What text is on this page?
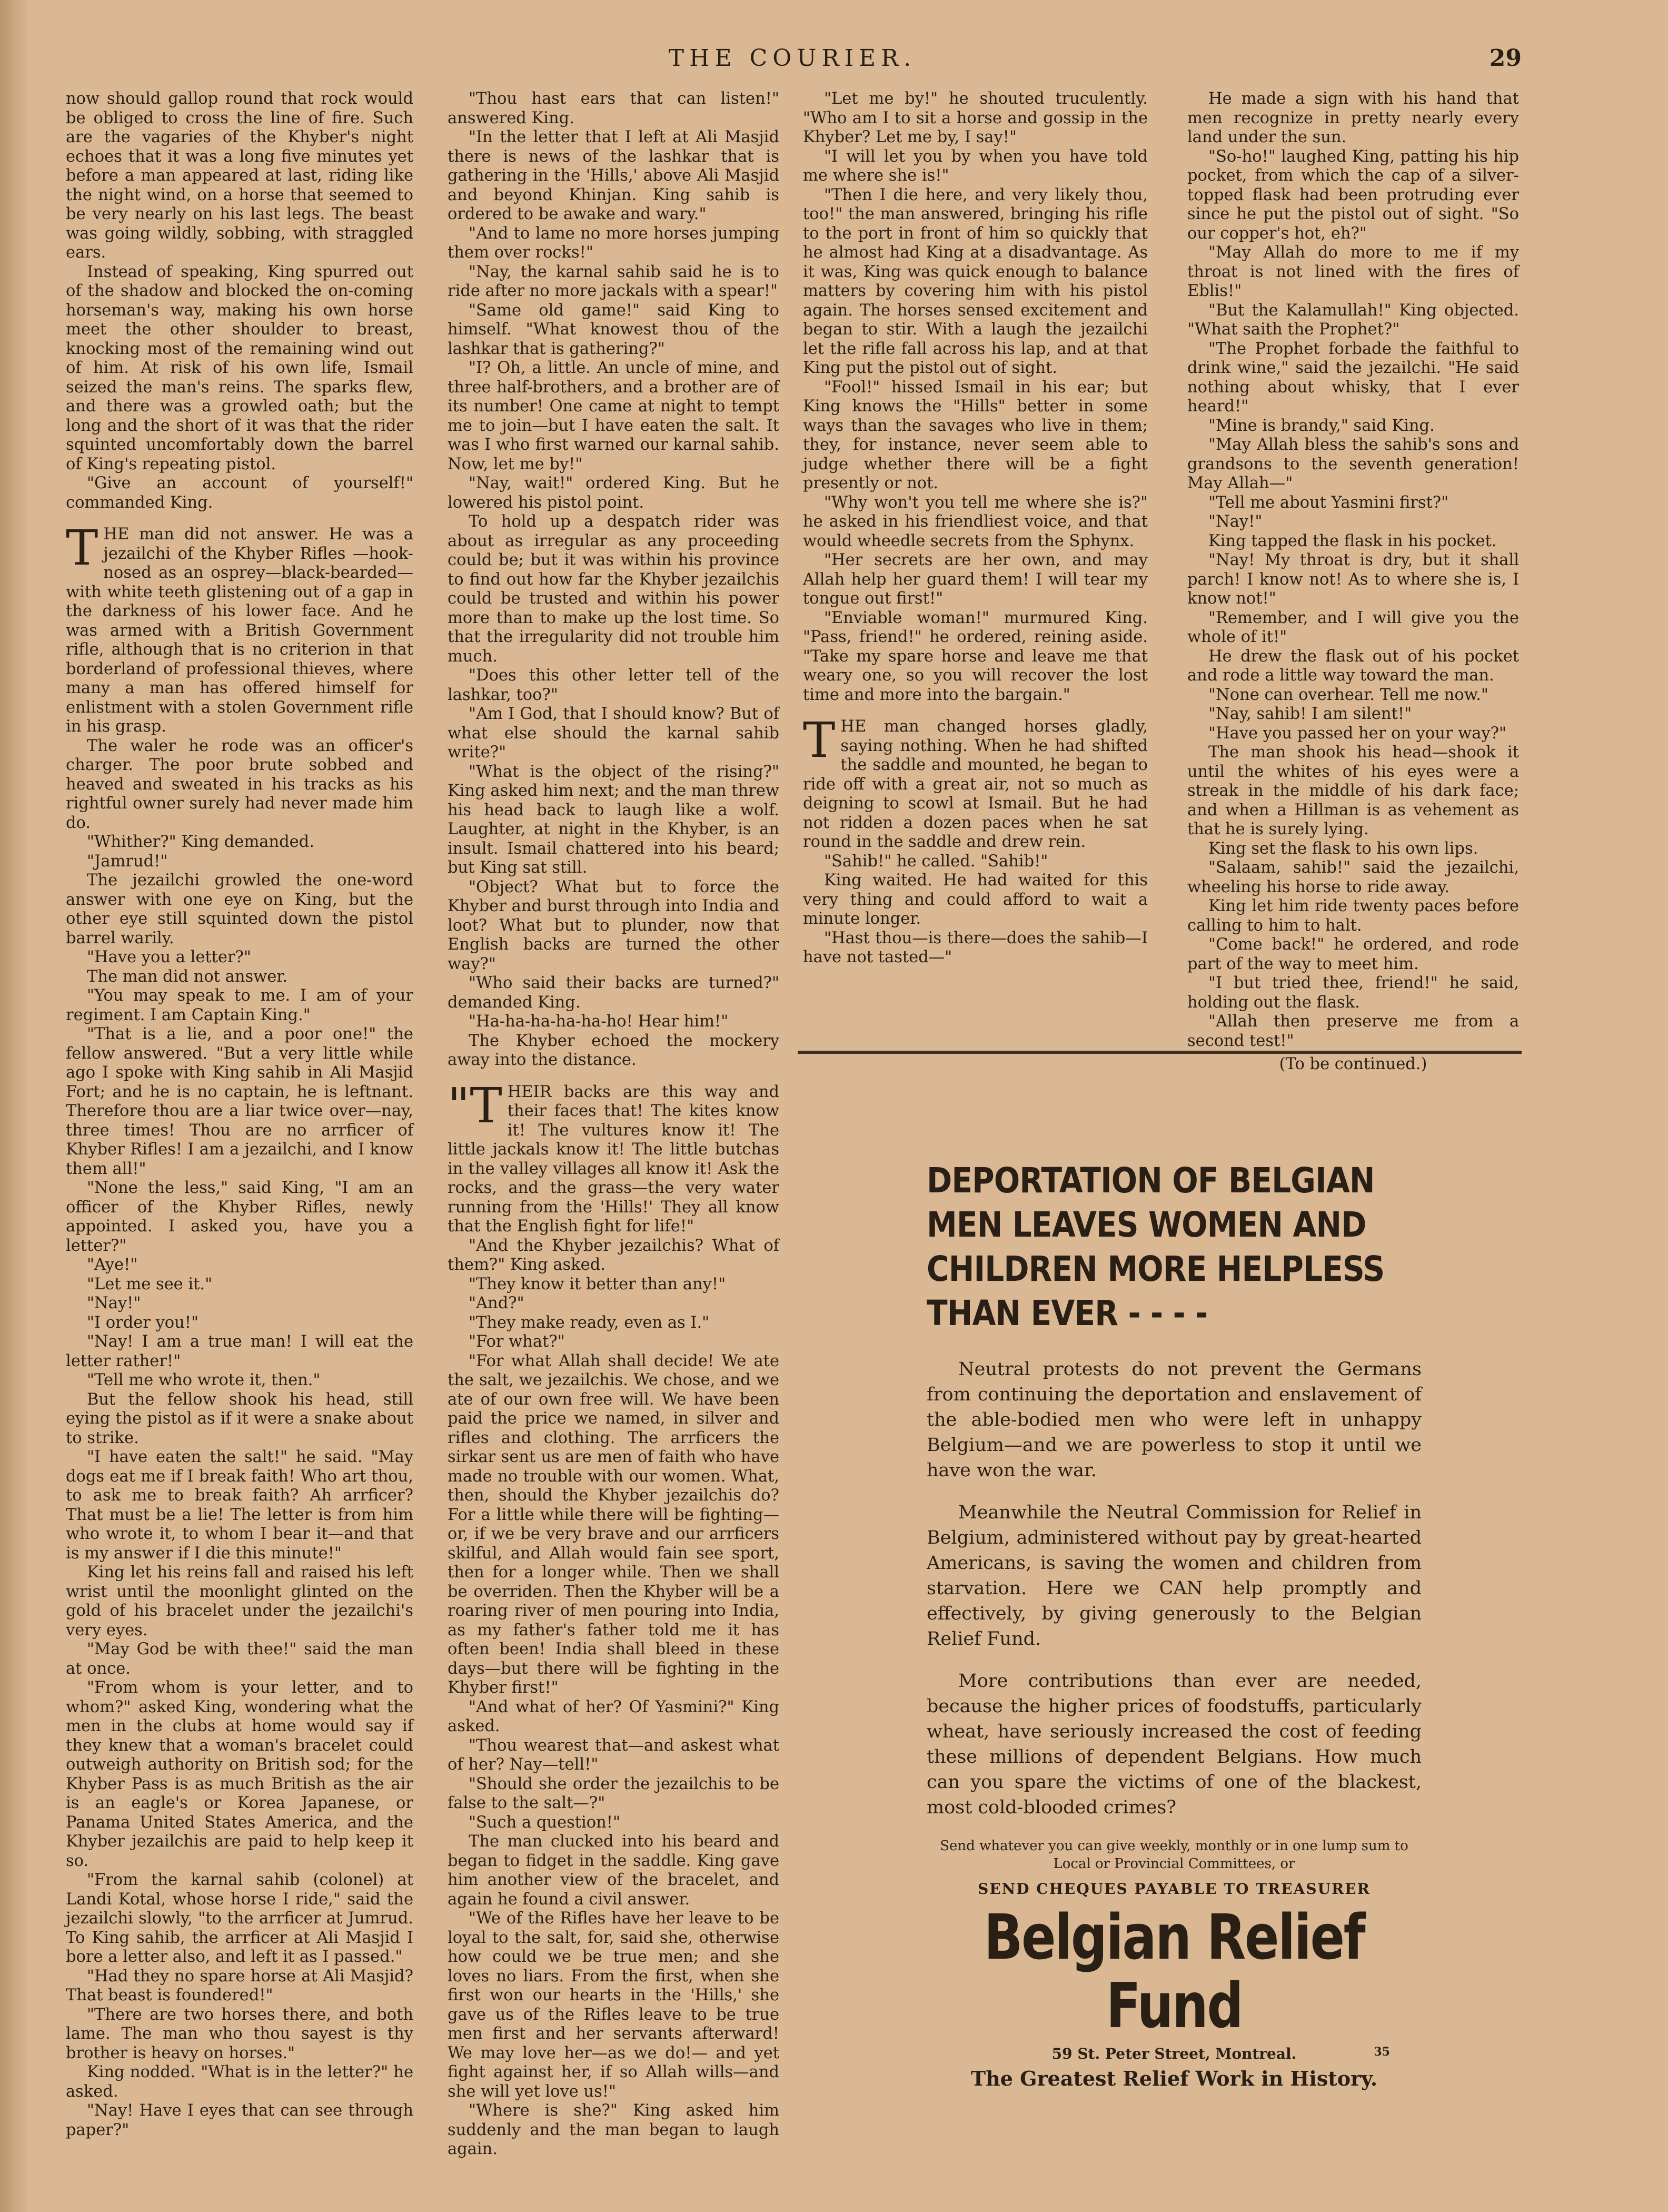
THE COURIER.	29

now should gallop round that rock would be obliged to cross the line of fire. Such are the vagaries of the Khyber's night echoes that it was a long five minutes yet before a man appeared at last, riding like the night wind, on a horse that seemed to be very nearly on his last legs. The beast was going wildly, sobbing, with straggled ears.

Instead of speaking, King spurred out of the shadow and blocked the on-coming horseman's way, making his own horse meet the other shoulder to breast, knocking most of the remaining wind out of him. At risk of his own life, Ismail seized the man's reins. The sparks flew, and there was a growled oath; but the long and the short of it was that the rider squinted uncomfortably down the barrel of King's repeating pistol.

"Give an account of yourself!" commanded King.

THE man did not answer. He was a jezailchi of the Khyber Rifles —hook-nosed as an osprey—black-bearded—with white teeth glistening out of a gap in the darkness of his lower face. And he was armed with a British Government rifle, although that is no criterion in that borderland of professional thieves, where many a man has offered himself for enlistment with a stolen Government rifle in his grasp.

The waler he rode was an officer's charger. The poor brute sobbed and heaved and sweated in his tracks as his rightful owner surely had never made him do.

"Whither?" King demanded.

"Jamrud!"

The jezailchi growled the one-word answer with one eye on King, but the other eye still squinted down the pistol barrel warily.

"Have you a letter?"

The man did not answer.

"You may speak to me. I am of your regiment. I am Captain King."

"That is a lie, and a poor one!" the fellow answered. "But a very little while ago I spoke with King sahib in Ali Masjid Fort; and he is no captain, he is leftnant. Therefore thou are a liar twice over—nay, three times! Thou are no arrficer of Khyber Rifles! I am a jezailchi, and I know them all!"

"None the less," said King, "I am an officer of the Khyber Rifles, newly appointed. I asked you, have you a letter?"

"Aye!"

"Let me see it."

"Nay!"

"I order you!"

"Nay! I am a true man! I will eat the letter rather!"

"Tell me who wrote it, then."

But the fellow shook his head, still eying the pistol as if it were a snake about to strike.

"I have eaten the salt!" he said. "May dogs eat me if I break faith! Who art thou, to ask me to break faith? Ah arrficer? That must be a lie! The letter is from him who wrote it, to whom I bear it—and that is my answer if I die this minute!"

King let his reins fall and raised his left wrist until the moonlight glinted on the gold of his bracelet under the jezailchi's very eyes.

"May God be with thee!" said the man at once.

"From whom is your letter, and to whom?" asked King, wondering what the men in the clubs at home would say if they knew that a woman's bracelet could outweigh authority on British sod; for the Khyber Pass is as much British as the air is an eagle's or Korea Japanese, or Panama United States America, and the Khyber jezailchis are paid to help keep it so.

"From the karnal sahib (colonel) at Landi Kotal, whose horse I ride," said the jezailchi slowly, "to the arrficer at Jumrud. To King sahib, the arrficer at Ali Masjid I bore a letter also, and left it as I passed."

"Had they no spare horse at Ali Masjid? That beast is foundered!"

"There are two horses there, and both lame. The man who thou sayest is thy brother is heavy on horses."

King nodded. "What is in the letter?" he asked.

"Nay! Have I eyes that can see through paper?"

"Thou hast ears that can listen!" answered King.

"In the letter that I left at Ali Masjid there is news of the lashkar that is gathering in the 'Hills,' above Ali Masjid and beyond Khinjan. King sahib is ordered to be awake and wary."

"And to lame no more horses jumping them over rocks!"

"Nay, the karnal sahib said he is to ride after no more jackals with a spear!"

"Same old game!" said King to himself. "What knowest thou of the lashkar that is gathering?"

"I? Oh, a little. An uncle of mine, and three half-brothers, and a brother are of its number! One came at night to tempt me to join—but I have eaten the salt. It was I who first warned our karnal sahib. Now, let me by!"

"Nay, wait!" ordered King. But he lowered his pistol point.

To hold up a despatch rider was about as irregular as any proceeding could be; but it was within his province to find out how far the Khyber jezailchis could be trusted and within his power more than to make up the lost time. So that the irregularity did not trouble him much.

"Does this other letter tell of the lashkar, too?"

"Am I God, that I should know? But of what else should the karnal sahib write?"

"What is the object of the rising?" King asked him next; and the man threw his head back to laugh like a wolf. Laughter, at night in the Khyber, is an insult. Ismail chattered into his beard; but King sat still.

"Object? What but to force the Khyber and burst through into India and loot? What but to plunder, now that English backs are turned the other way?"

"Who said their backs are turned?" demanded King.

"Ha-ha-ha-ha-ha-ho! Hear him!"

The Khyber echoed the mockery away into the distance.

"THEIR backs are this way and their faces that! The kites know it! The vultures know it! The little jackals know it! The little butchas in the valley villages all know it! Ask the rocks, and the grass—the very water running from the 'Hills!' They all know that the English fight for life!"

"And the Khyber jezailchis? What of them?" King asked.

"They know it better than any!"

"And?"

"They make ready, even as I."

"For what?"

"For what Allah shall decide! We ate the salt, we jezailchis. We chose, and we ate of our own free will. We have been paid the price we named, in silver and rifles and clothing. The arrficers the sirkar sent us are men of faith who have made no trouble with our women. What, then, should the Khyber jezailchis do? For a little while there will be fighting—or, if we be very brave and our arrficers skilful, and Allah would fain see sport, then for a longer while. Then we shall be overriden. Then the Khyber will be a roaring river of men pouring into India, as my father's father told me it has often been! India shall bleed in these days—but there will be fighting in the Khyber first!"

"And what of her? Of Yasmini?" King asked.

"Thou wearest that—and askest what of her? Nay—tell!"

"Should she order the jezailchis to be false to the salt—?"

"Such a question!"

The man clucked into his beard and began to fidget in the saddle. King gave him another view of the bracelet, and again he found a civil answer.

"We of the Rifles have her leave to be loyal to the salt, for, said she, otherwise how could we be true men; and she loves no liars. From the first, when she first won our hearts in the 'Hills,' she gave us of the Rifles leave to be true men first and her servants afterward! We may love her—as we do!— and yet fight against her, if so Allah wills—and she will yet love us!"

"Where is she?" King asked him suddenly and the man began to laugh again.

"Let me by!" he shouted truculently. "Who am I to sit a horse and gossip in the Khyber? Let me by, I say!"

"I will let you by when you have told me where she is!"

"Then I die here, and very likely thou, too!" the man answered, bringing his rifle to the port in front of him so quickly that he almost had King at a disadvantage. As it was, King was quick enough to balance matters by covering him with his pistol again. The horses sensed excitement and began to stir. With a laugh the jezailchi let the rifle fall across his lap, and at that King put the pistol out of sight.

"Fool!" hissed Ismail in his ear; but King knows the "Hills" better in some ways than the savages who live in them; they, for instance, never seem able to judge whether there will be a fight presently or not.

"Why won't you tell me where she is?" he asked in his friendliest voice, and that would wheedle secrets from the Sphynx.

"Her secrets are her own, and may Allah help her guard them! I will tear my tongue out first!"

"Enviable woman!" murmured King. "Pass, friend!" he ordered, reining aside. "Take my spare horse and leave me that weary one, so you will recover the lost time and more into the bargain."

THE man changed horses gladly, saying nothing. When he had shifted the saddle and mounted, he began to ride off with a great air, not so much as deigning to scowl at Ismail. But he had not ridden a dozen paces when he sat round in the saddle and drew rein.

"Sahib!" he called. "Sahib!"

King waited. He had waited for this very thing and could afford to wait a minute longer.

"Hast thou—is there—does the sahib—I have not tasted—"

He made a sign with his hand that men recognize in pretty nearly every land under the sun.

"So-ho!" laughed King, patting his hip pocket, from which the cap of a silver-topped flask had been protruding ever since he put the pistol out of sight. "So our copper's hot, eh?"

"May Allah do more to me if my throat is not lined with the fires of Eblis!"

"But the Kalamullah!" King objected. "What saith the Prophet?"

"The Prophet forbade the faithful to drink wine," said the jezailchi. "He said nothing about whisky, that I ever heard!"

"Mine is brandy," said King.

"May Allah bless the sahib's sons and grandsons to the seventh generation! May Allah—"

"Tell me about Yasmini first?"

"Nay!"

King tapped the flask in his pocket.

"Nay! My throat is dry, but it shall parch! I know not! As to where she is, I know not!"

"Remember, and I will give you the whole of it!"

He drew the flask out of his pocket and rode a little way toward the man.

"None can overhear. Tell me now."

"Nay, sahib! I am silent!"

"Have you passed her on your way?"

The man shook his head—shook it until the whites of his eyes were a streak in the middle of his dark face; and when a Hillman is as vehement as that he is surely lying.

King set the flask to his own lips.

"Salaam, sahib!" said the jezailchi, wheeling his horse to ride away.

King let him ride twenty paces before calling to him to halt.

"Come back!" he ordered, and rode part of the way to meet him.

"I but tried thee, friend!" he said, holding out the flask.

"Allah then preserve me from a second test!"

(To be continued.)

DEPORTATION OF BELGIAN MEN LEAVES WOMEN AND CHILDREN MORE HELPLESS THAN EVER - - - -

Neutral protests do not prevent the Germans from continuing the deportation and enslavement of the able-bodied men who were left in unhappy Belgium—and we are powerless to stop it until we have won the war.

Meanwhile the Neutral Commission for Relief in Belgium, administered without pay by great-hearted Americans, is saving the women and children from starvation. Here we CAN help promptly and effectively, by giving generously to the Belgian Relief Fund.

More contributions than ever are needed, because the higher prices of foodstuffs, particularly wheat, have seriously increased the cost of feeding these millions of dependent Belgians. How much can you spare the victims of one of the blackest, most cold-blooded crimes?

Send whatever you can give weekly, monthly or in one lump sum to Local or Provincial Committees, or

SEND CHEQUES PAYABLE TO TREASURER

Belgian Relief Fund

59 St. Peter Street, Montreal.	35

The Greatest Relief Work in History.
